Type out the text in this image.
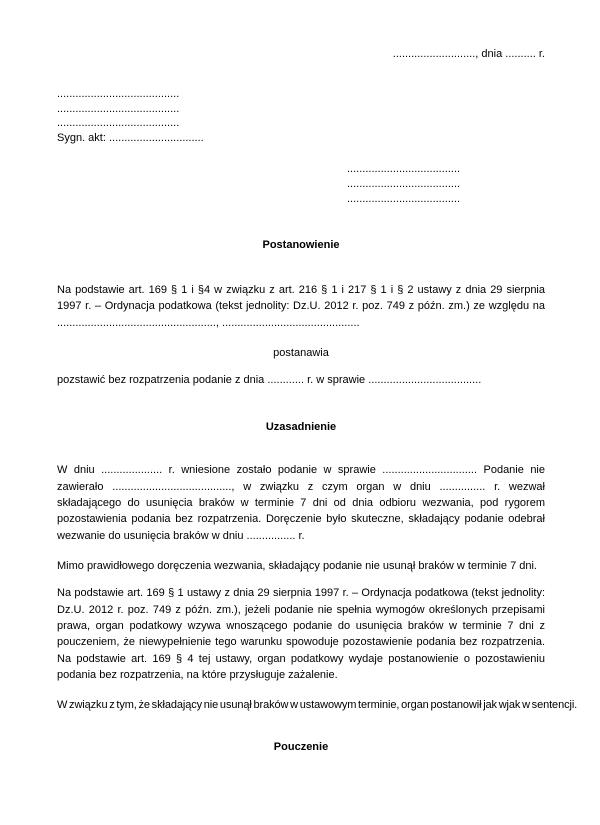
..........................., dnia .......... r.
........................................
........................................
........................................
Sygn. akt: ...............................
.....................................
.....................................
.....................................
Postanowienie
Na podstawie art. 169 § 1 i §4 w związku z art. 216 § 1 i 217 § 1 i § 2 ustawy z dnia 29 sierpnia 1997 r. – Ordynacja podatkowa (tekst jednolity: Dz.U. 2012 r. poz. 749 z późn. zm.) ze względu na ...................................................., .............................................
postanawia
pozstawić bez rozpatrzenia podanie z dnia ............ r. w sprawie .....................................
Uzasadnienie
W dniu .................... r. wniesione zostało podanie w sprawie ............................... Podanie nie zawierało ......................................., w związku z czym organ w dniu ............... r. wezwał składającego do usunięcia braków w terminie 7 dni od dnia odbioru wezwania, pod rygorem pozostawienia podania bez rozpatrzenia. Doręczenie było skuteczne, składający podanie odebrał wezwanie do usunięcia braków w dniu ................ r.
Mimo prawidłowego doręczenia wezwania, składający podanie nie usunął braków w terminie 7 dni.
Na podstawie art. 169 § 1 ustawy z dnia 29 sierpnia 1997 r. – Ordynacja podatkowa (tekst jednolity: Dz.U. 2012 r. poz. 749 z późn. zm.), jeżeli podanie nie spełnia wymogów określonych przepisami prawa, organ podatkowy wzywa wnoszącego podanie do usunięcia braków w terminie 7 dni z pouczeniem, że niewypełnienie tego warunku spowoduje pozostawienie podania bez rozpatrzenia. Na podstawie art. 169 § 4 tej ustawy, organ podatkowy wydaje postanowienie o pozostawieniu podania bez rozpatrzenia, na które przysługuje zażalenie.
W związku z tym, że składający nie usunął braków w ustawowym terminie, organ postanowił jak wjak w sentencji.
Pouczenie
